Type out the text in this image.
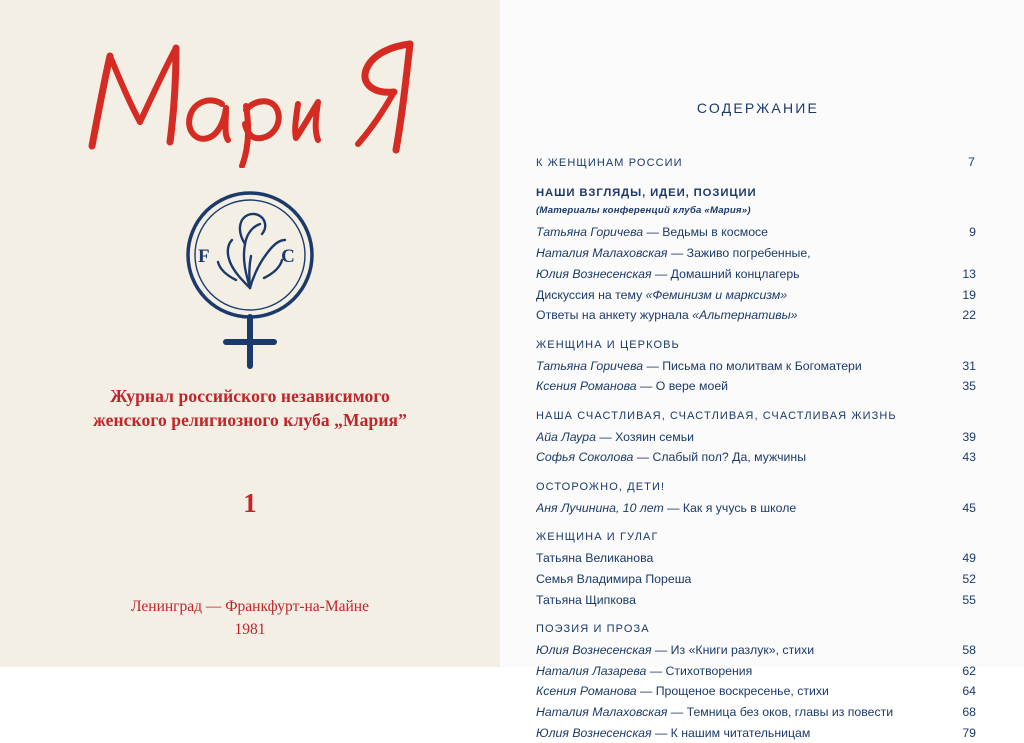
F	C
Журнал российского независимого
женского религиозного клуба „Мария”
1
Ленинград — Франкфурт-на-Майне
1981
СОДЕРЖАНИЕ
К ЖЕНЩИНАМ РОССИИ	7
НАШИ ВЗГЛЯДЫ, ИДЕИ, ПОЗИЦИИ
(Материалы конференций клуба «Мария»)
Татьяна Горичева — Ведьмы в космосе	9
Наталия Малаховская — Заживо погребенные,
Юлия Вознесенская — Домашний концлагерь	13
Дискуссия на тему «Феминизм и марксизм»	19
Ответы на анкету журнала «Альтернативы»	22
ЖЕНЩИНА И ЦЕРКОВЬ
Татьяна Горичева — Письма по молитвам к Богоматери	31
Ксения Романова — О вере моей	35
НАША СЧАСТЛИВАЯ, СЧАСТЛИВАЯ, СЧАСТЛИВАЯ ЖИЗНЬ
Айа Лаура — Хозяин семьи	39
Софья Соколова — Слабый пол? Да, мужчины	43
ОСТОРОЖНО, ДЕТИ!
Аня Лучинина, 10 лет — Как я учусь в школе	45
ЖЕНЩИНА И ГУЛАГ
Татьяна Великанова	49
Семья Владимира Пореша	52
Татьяна Щипкова	55
ПОЭЗИЯ И ПРОЗА
Юлия Вознесенская — Из «Книги разлук», стихи	58
Наталия Лазарева — Стихотворения	62
Ксения Романова — Прощеное воскресенье, стихи	64
Наталия Малаховская — Темница без оков, главы из повести	68
Юлия Вознесенская — К нашим читательницам	79
